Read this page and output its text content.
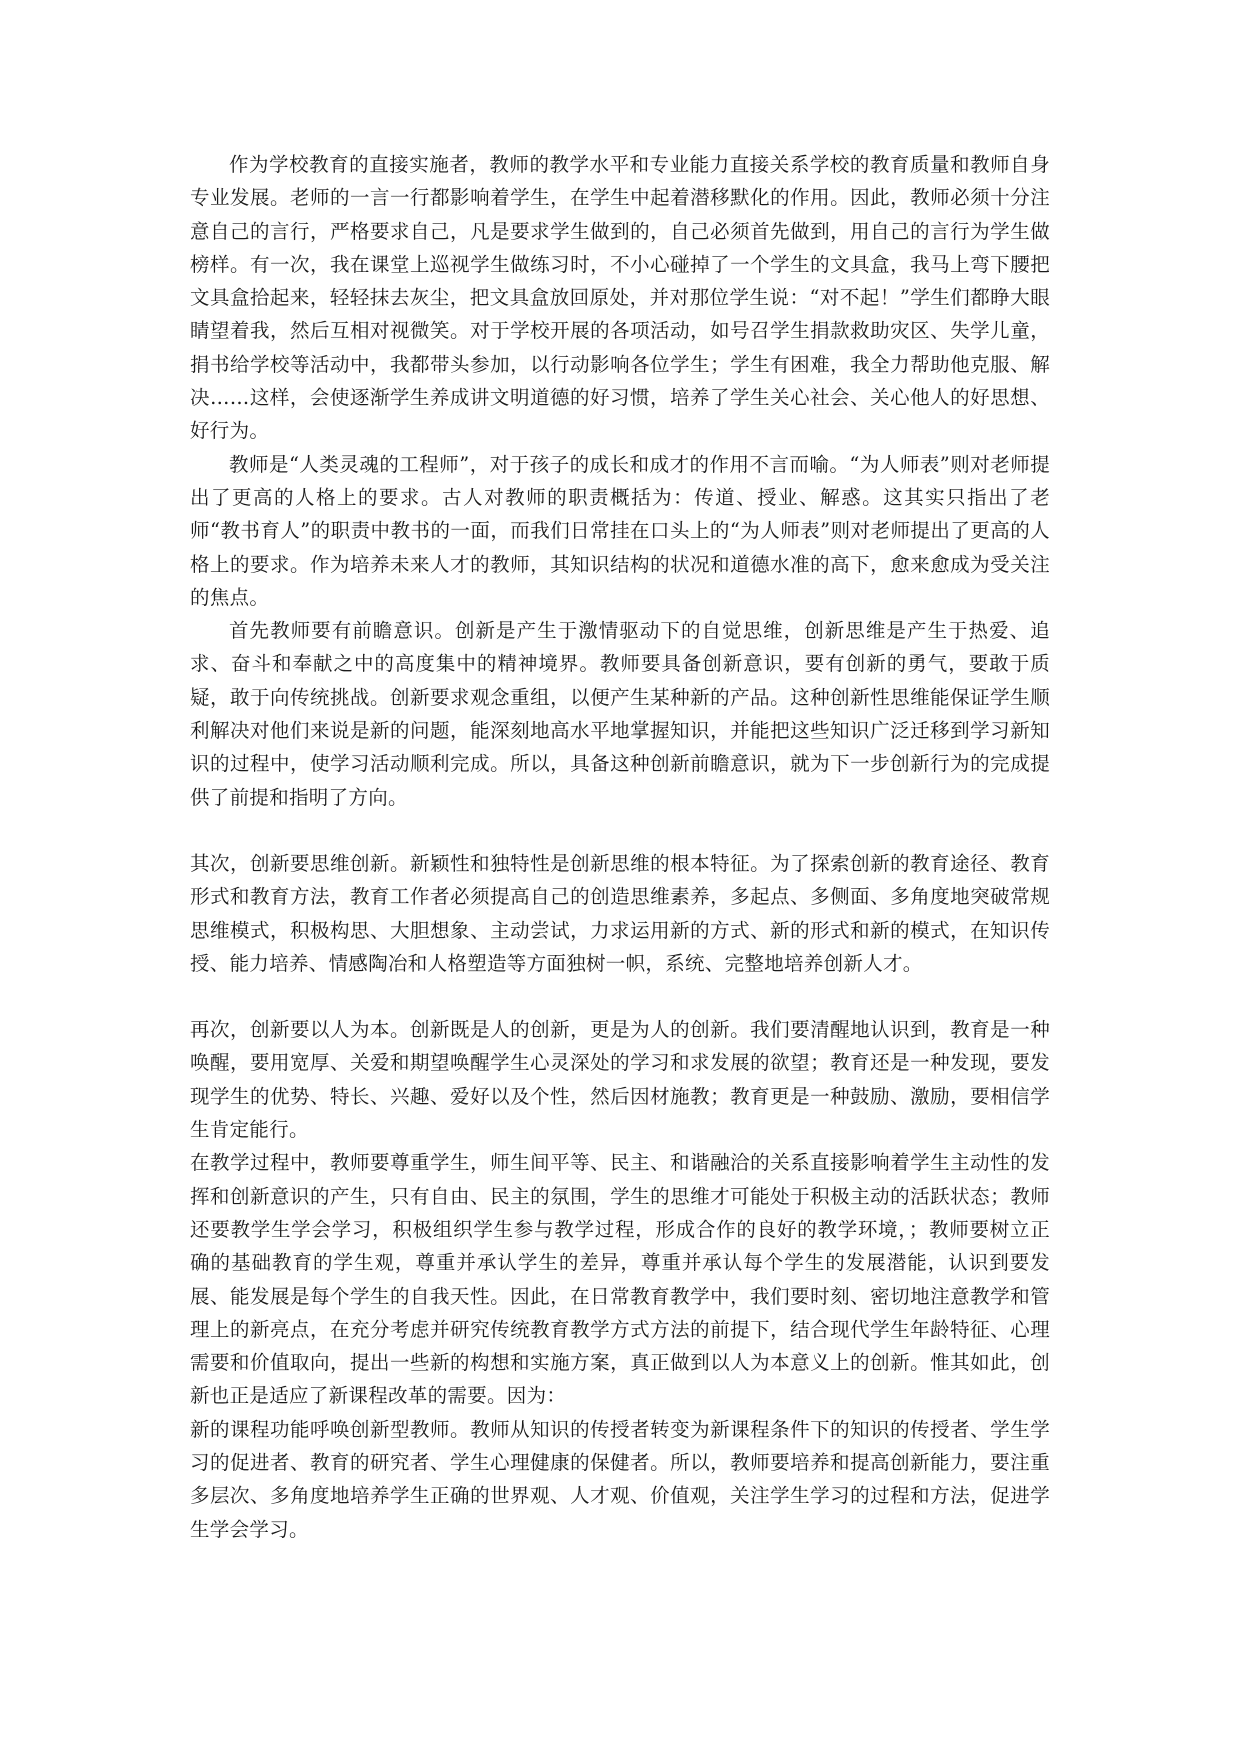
作为学校教育的直接实施者，教师的教学水平和专业能力直接关系学校的教育质量和教师自身专业发展。老师的一言一行都影响着学生，在学生中起着潜移默化的作用。因此，教师必须十分注意自己的言行，严格要求自己，凡是要求学生做到的，自己必须首先做到，用自己的言行为学生做榜样。有一次，我在课堂上巡视学生做练习时，不小心碰掉了一个学生的文具盒，我马上弯下腰把文具盒拾起来，轻轻抹去灰尘，把文具盒放回原处，并对那位学生说：“对不起！”学生们都睁大眼睛望着我，然后互相对视微笑。对于学校开展的各项活动，如号召学生捐款救助灾区、失学儿童，捐书给学校等活动中，我都带头参加，以行动影响各位学生；学生有困难，我全力帮助他克服、解决……这样，会使逐渐学生养成讲文明道德的好习惯，培养了学生关心社会、关心他人的好思想、好行为。

教师是“人类灵魂的工程师”，对于孩子的成长和成才的作用不言而喻。“为人师表”则对老师提出了更高的人格上的要求。古人对教师的职责概括为：传道、授业、解惑。这其实只指出了老师“教书育人”的职责中教书的一面，而我们日常挂在口头上的“为人师表”则对老师提出了更高的人格上的要求。作为培养未来人才的教师，其知识结构的状况和道德水准的高下，愈来愈成为受关注的焦点。

首先教师要有前瞻意识。创新是产生于激情驱动下的自觉思维，创新思维是产生于热爱、追求、奋斗和奉献之中的高度集中的精神境界。教师要具备创新意识，要有创新的勇气，要敢于质疑，敢于向传统挑战。创新要求观念重组，以便产生某种新的产品。这种创新性思维能保证学生顺利解决对他们来说是新的问题，能深刻地高水平地掌握知识，并能把这些知识广泛迁移到学习新知识的过程中，使学习活动顺利完成。所以，具备这种创新前瞻意识，就为下一步创新行为的完成提供了前提和指明了方向。

其次，创新要思维创新。新颖性和独特性是创新思维的根本特征。为了探索创新的教育途径、教育形式和教育方法，教育工作者必须提高自己的创造思维素养，多起点、多侧面、多角度地突破常规思维模式，积极构思、大胆想象、主动尝试，力求运用新的方式、新的形式和新的模式，在知识传授、能力培养、情感陶冶和人格塑造等方面独树一帜，系统、完整地培养创新人才。

再次，创新要以人为本。创新既是人的创新，更是为人的创新。我们要清醒地认识到，教育是一种唤醒，要用宽厚、关爱和期望唤醒学生心灵深处的学习和求发展的欲望；教育还是一种发现，要发现学生的优势、特长、兴趣、爱好以及个性，然后因材施教；教育更是一种鼓励、激励，要相信学生肯定能行。

在教学过程中，教师要尊重学生，师生间平等、民主、和谐融洽的关系直接影响着学生主动性的发挥和创新意识的产生，只有自由、民主的氛围，学生的思维才可能处于积极主动的活跃状态；教师还要教学生学会学习，积极组织学生参与教学过程，形成合作的良好的教学环境，；教师要树立正确的基础教育的学生观，尊重并承认学生的差异，尊重并承认每个学生的发展潜能，认识到要发展、能发展是每个学生的自我天性。因此，在日常教育教学中，我们要时刻、密切地注意教学和管理上的新亮点，在充分考虑并研究传统教育教学方式方法的前提下，结合现代学生年龄特征、心理需要和价值取向，提出一些新的构想和实施方案，真正做到以人为本意义上的创新。惟其如此，创新也正是适应了新课程改革的需要。因为：

新的课程功能呼唤创新型教师。教师从知识的传授者转变为新课程条件下的知识的传授者、学生学习的促进者、教育的研究者、学生心理健康的保健者。所以，教师要培养和提高创新能力，要注重多层次、多角度地培养学生正确的世界观、人才观、价值观，关注学生学习的过程和方法，促进学生学会学习。
